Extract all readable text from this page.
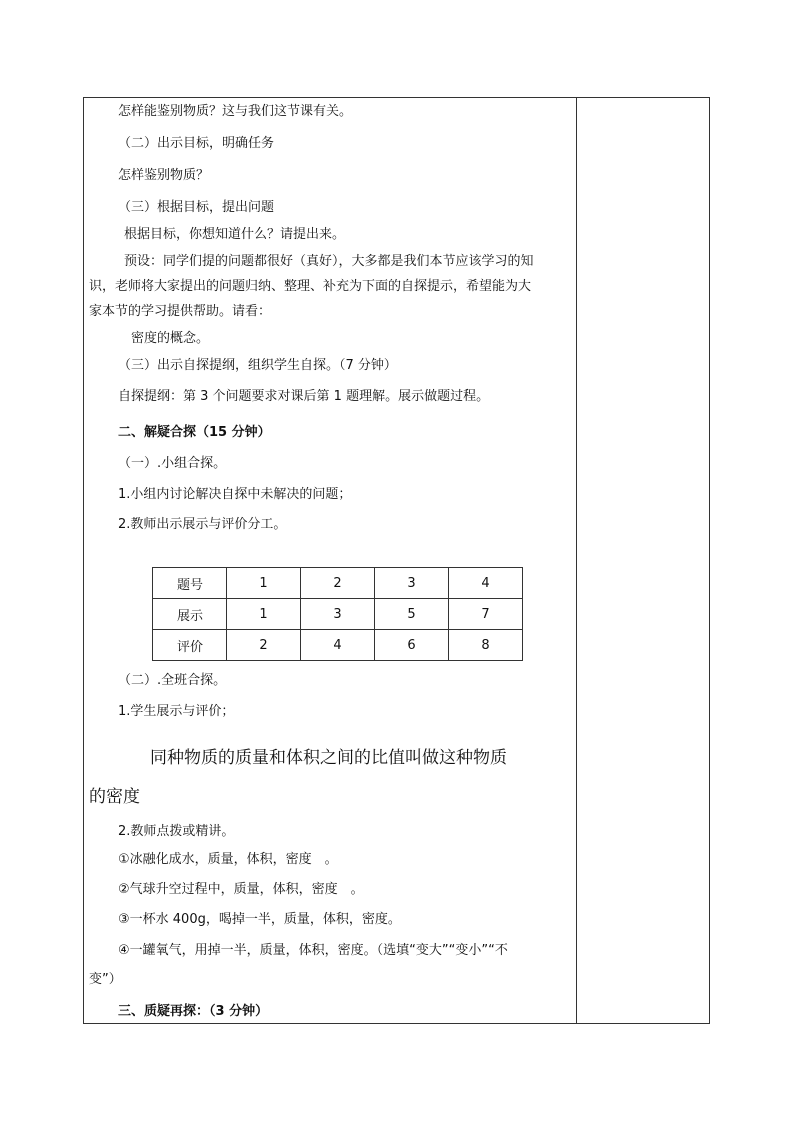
怎样能鉴别物质？这与我们这节课有关。
（二）出示目标，明确任务
怎样鉴别物质？
（三）根据目标，提出问题
根据目标，你想知道什么？请提出来。
预设：同学们提的问题都很好（真好），大多都是我们本节应该学习的知
识，老师将大家提出的问题归纳、整理、补充为下面的自探提示，希望能为大
家本节的学习提供帮助。请看：
密度的概念。
（三）出示自探提纲，组织学生自探。（7 分钟）
自探提纲：第 3 个问题要求对课后第 1 题理解。展示做题过程。
二、解疑合探（15 分钟）
（一）.小组合探。
1.小组内讨论解决自探中未解决的问题；
2.教师出示展示与评价分工。
题号	1	2	3	4
展示	1	3	5	7
评价	2	4	6	8
（二）.全班合探。
1.学生展示与评价；
同种物质的质量和体积之间的比值叫做这种物质
的密度
2.教师点拨或精讲。
①冰融化成水，质量，体积，密度　。
②气球升空过程中，质量，体积，密度　。
③一杯水 400g，喝掉一半，质量，体积，密度。
④一罐氧气，用掉一半，质量，体积，密度。（选填“变大”“变小”“不
变”）
三、质疑再探：（3 分钟）
